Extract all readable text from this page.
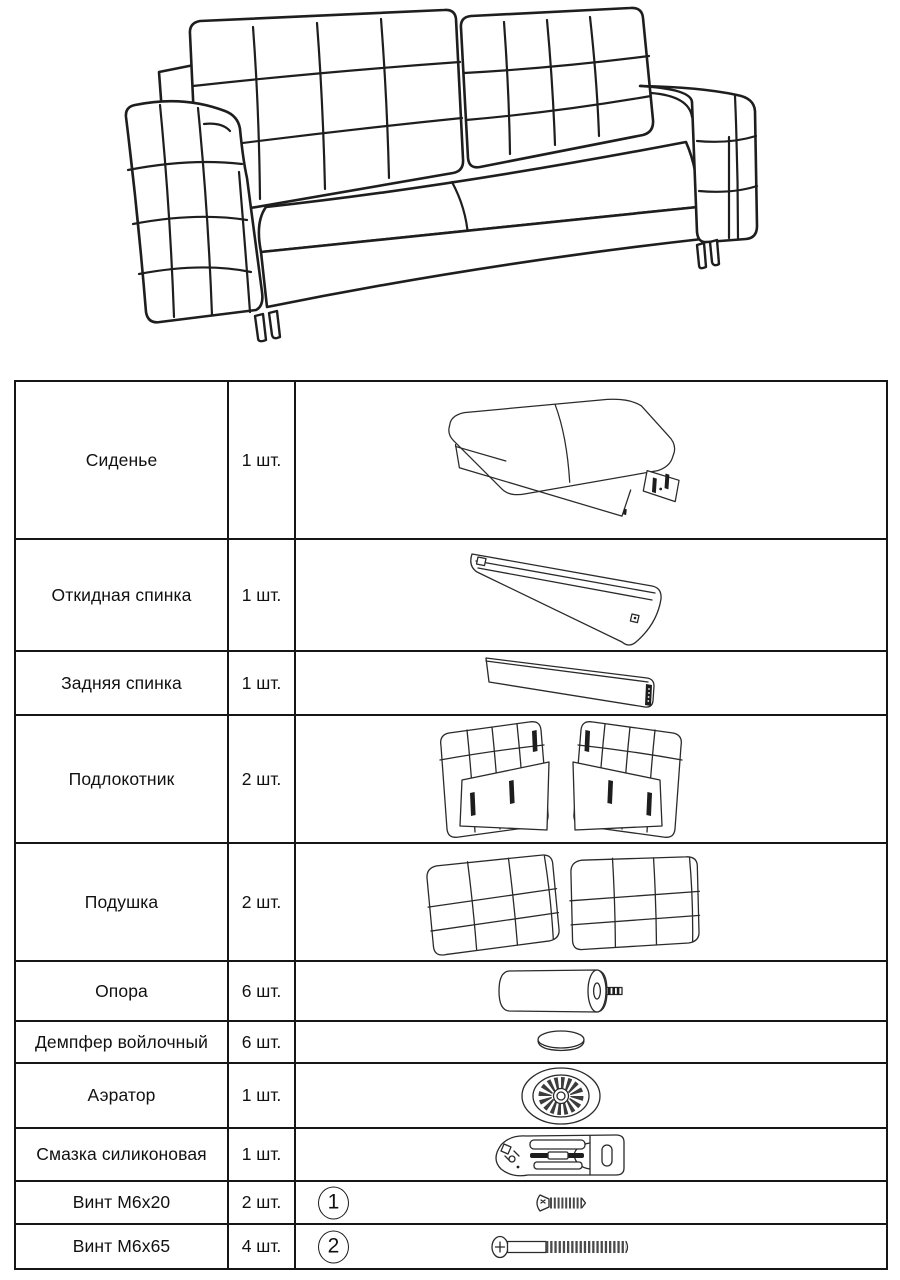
Сиденье	1 шт.	
Откидная спинка	1 шт.	
Задняя спинка	1 шт.	
Подлокотник	2 шт.	
Подушка	2 шт.	
Опора	6 шт.	
Демпфер войлочный	6 шт.	
Аэратор	1 шт.	
Смазка силиконовая	1 шт.	
Винт М6х20	2 шт.	1

Винт М6х65	4 шт.	2
